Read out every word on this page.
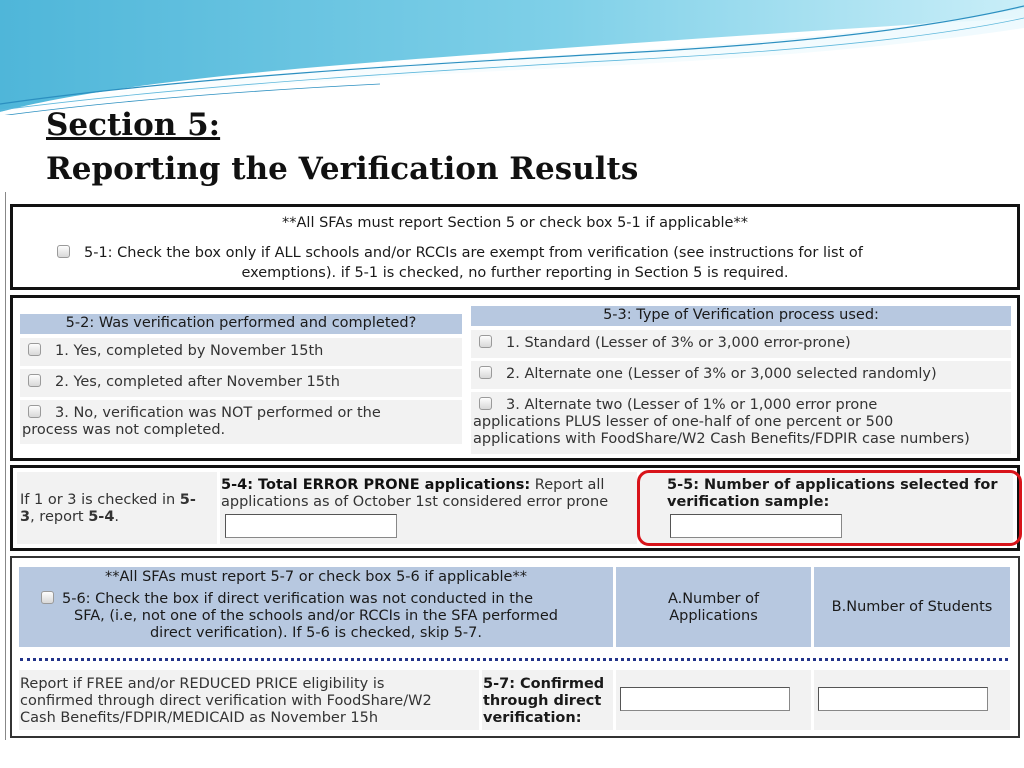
Section 5:
Reporting the Verification Results
**All SFAs must report Section 5 or check box 5-1 if applicable**
5-1: Check the box only if ALL schools and/or RCCIs are exempt from verification (see instructions for list of
exemptions). if 5-1 is checked, no further reporting in Section 5 is required.
5-2: Was verification performed and completed?
1. Yes, completed by November 15th
2. Yes, completed after November 15th
3. No, verification was NOT performed or the
process was not completed.
5-3: Type of Verification process used:
1. Standard (Lesser of 3% or 3,000 error-prone)
2. Alternate one (Lesser of 3% or 3,000 selected randomly)
3. Alternate two (Lesser of 1% or 1,000 error prone
applications PLUS lesser of one-half of one percent or 500
applications with FoodShare/W2 Cash Benefits/FDPIR case numbers)
If 1 or 3 is checked in 5-
3, report 5-4.
5-4: Total ERROR PRONE applications: Report all
applications as of October 1st considered error prone
5-5: Number of applications selected for
verification sample:
**All SFAs must report 5-7 or check box 5-6 if applicable**
5-6: Check the box if direct verification was not conducted in the
SFA, (i.e, not one of the schools and/or RCCIs in the SFA performed
direct verification). If 5-6 is checked, skip 5-7.
A.Number of
Applications
B.Number of Students
Report if FREE and/or REDUCED PRICE eligibility is
confirmed through direct verification with FoodShare/W2
Cash Benefits/FDPIR/MEDICAID as November 15h
5-7: Confirmed
through direct
verification:
